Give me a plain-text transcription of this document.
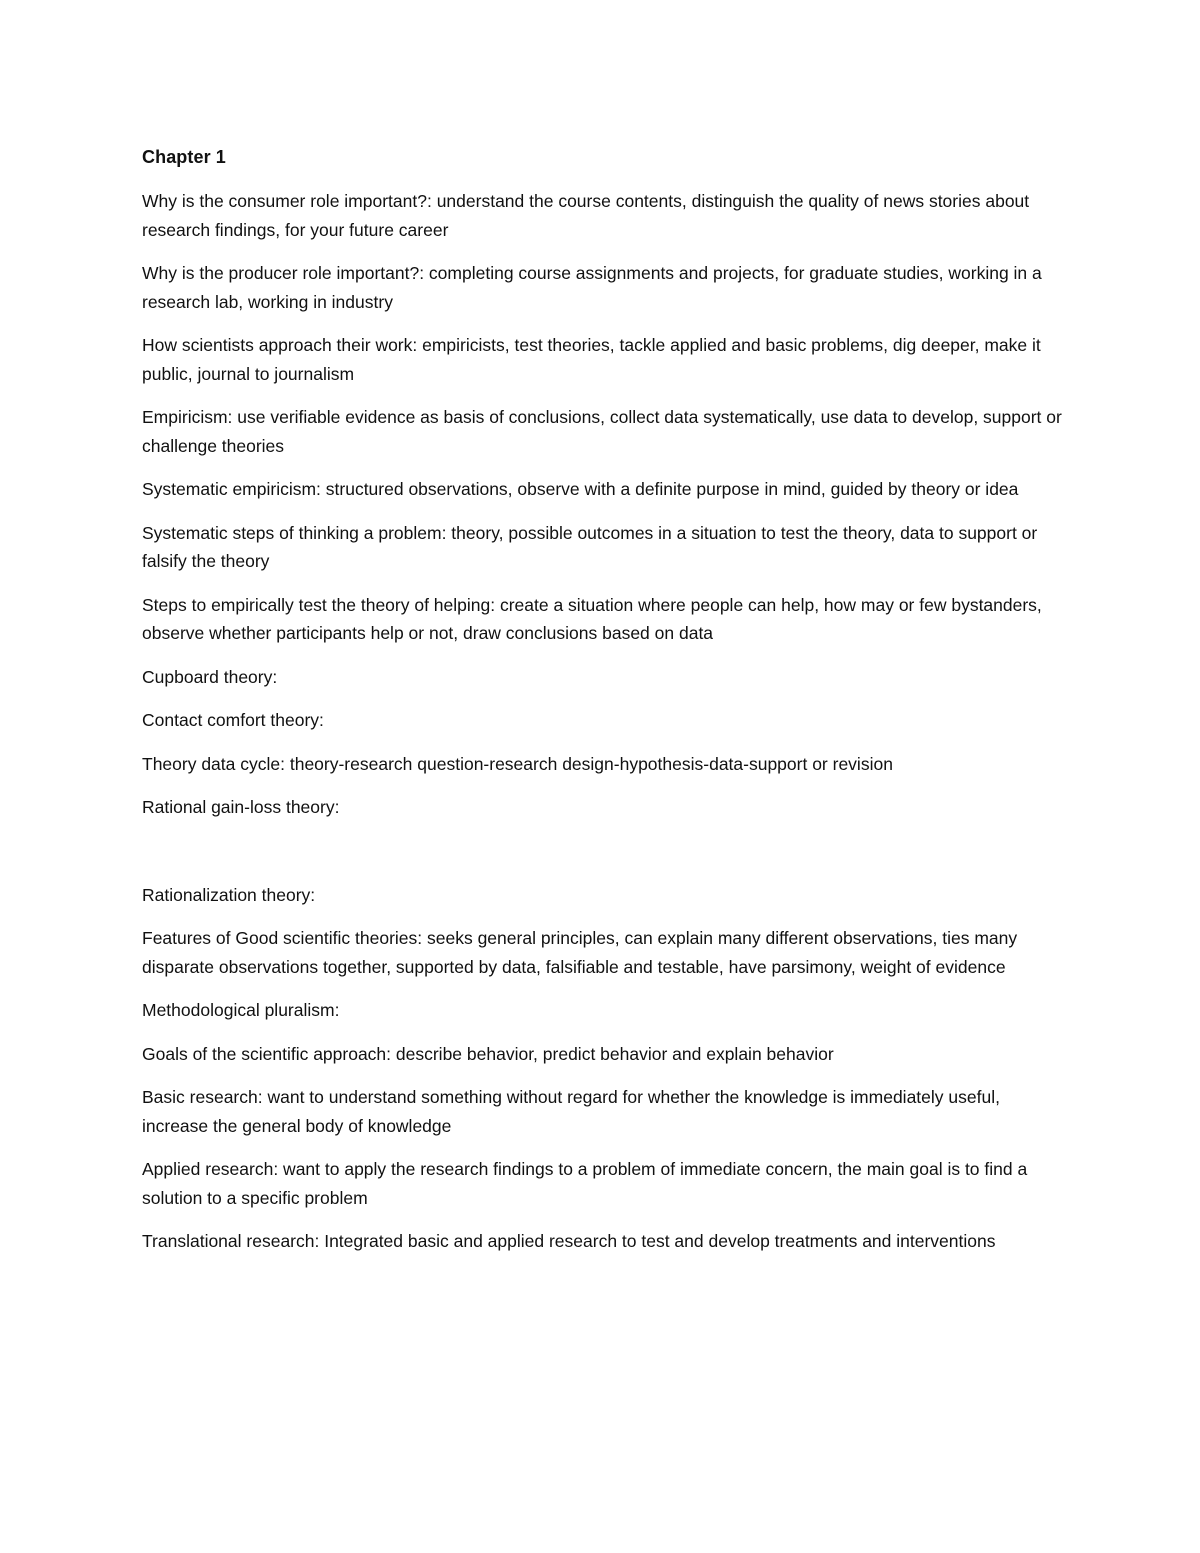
Chapter 1
Why is the consumer role important?: understand the course contents, distinguish the quality of news stories about research findings, for your future career
Why is the producer role important?: completing course assignments and projects, for graduate studies, working in a research lab, working in industry
How scientists approach their work: empiricists, test theories, tackle applied and basic problems, dig deeper, make it public, journal to journalism
Empiricism: use verifiable evidence as basis of conclusions, collect data systematically, use data to develop, support or challenge theories
Systematic empiricism: structured observations, observe with a definite purpose in mind, guided by theory or idea
Systematic steps of thinking a problem: theory, possible outcomes in a situation to test the theory, data to support or falsify the theory
Steps to empirically test the theory of helping: create a situation where people can help, how may or few bystanders, observe whether participants help or not, draw conclusions based on data
Cupboard theory:
Contact comfort theory:
Theory data cycle: theory-research question-research design-hypothesis-data-support or revision
Rational gain-loss theory:
Rationalization theory:
Features of Good scientific theories: seeks general principles, can explain many different observations, ties many disparate observations together, supported by data, falsifiable and testable, have parsimony, weight of evidence
Methodological pluralism:
Goals of the scientific approach: describe behavior, predict behavior and explain behavior
Basic research: want to understand something without regard for whether the knowledge is immediately useful, increase the general body of knowledge
Applied research: want to apply the research findings to a problem of immediate concern, the main goal is to find a solution to a specific problem
Translational research: Integrated basic and applied research to test and develop treatments and interventions
